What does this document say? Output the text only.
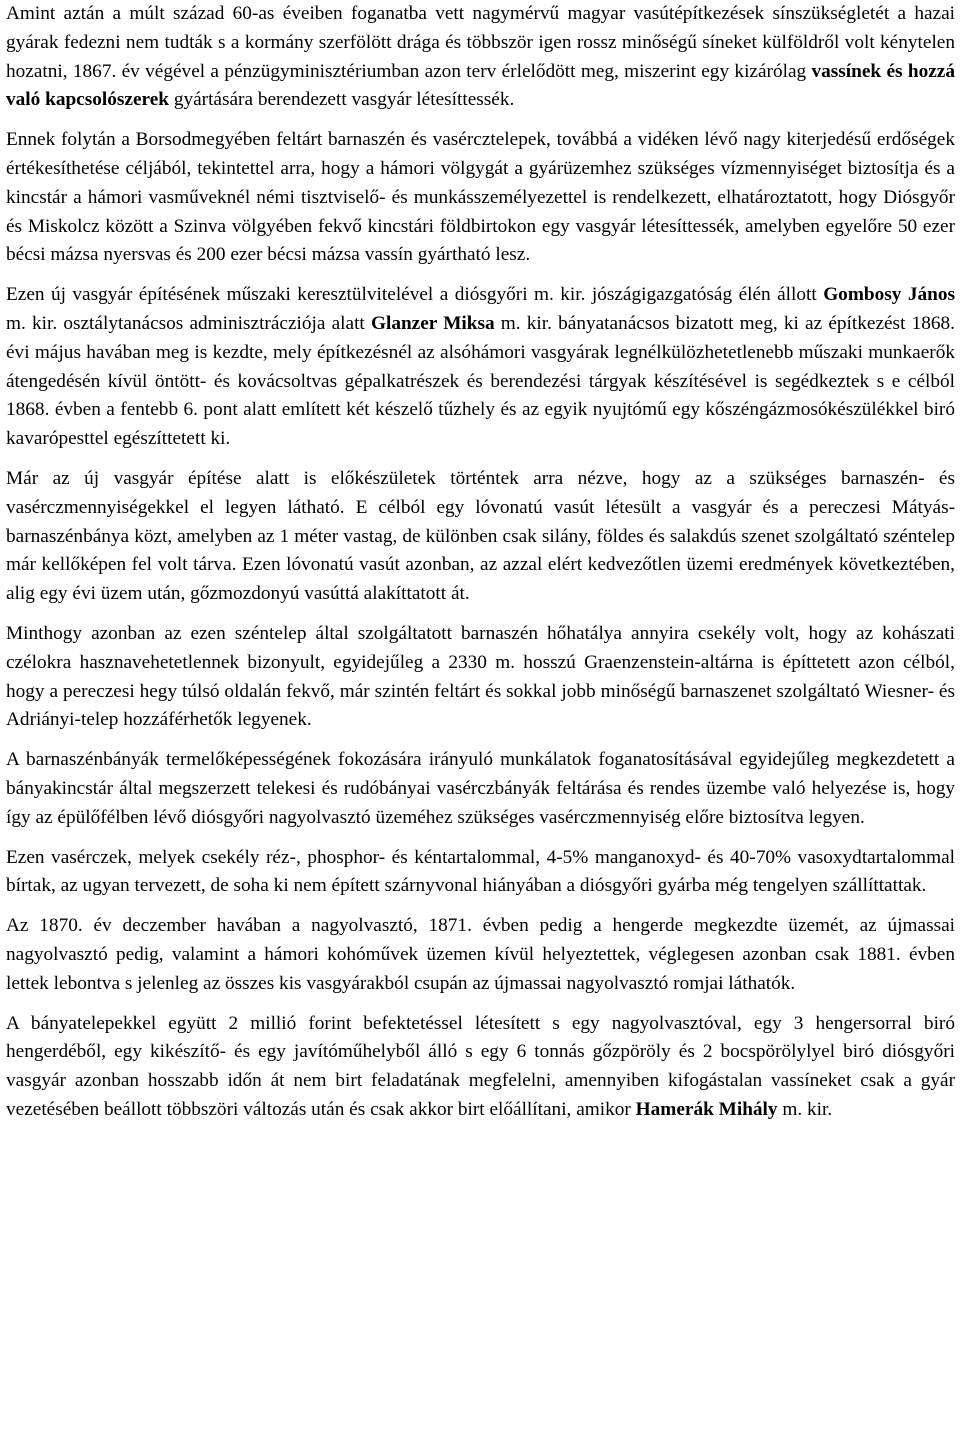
Amint aztán a múlt század 60-as éveiben foganatba vett nagymérvű magyar vasútépítkezések sínszükségletét a hazai gyárak fedezni nem tudták s a kormány szerfölött drága és többször igen rossz minőségű síneket külföldről volt kénytelen hozatni, 1867. év végével a pénzügyminisztériumban azon terv érlelődött meg, miszerint egy kizárólag vassínek és hozzá való kapcsolószerek gyártására berendezett vasgyár létesíttessék.

Ennek folytán a Borsodmegyében feltárt barnaszén és vasércztelepek, továbbá a vidéken lévő nagy kiterjedésű erdőségek értékesíthetése céljából, tekintettel arra, hogy a hámori völgygát a gyárüzemhez szükséges vízmennyiséget biztosítja és a kincstár a hámori vasműveknél némi tisztviselő- és munkásszemélyezettel is rendelkezett, elhatároztatott, hogy Diósgyőr és Miskolcz között a Szinva völgyében fekvő kincstári földbirtokon egy vasgyár létesíttessék, amelyben egyelőre 50 ezer bécsi mázsa nyersvas és 200 ezer bécsi mázsa vassín gyártható lesz.

Ezen új vasgyár építésének műszaki keresztülvitelével a diósgyőri m. kir. jószágigazgatóság élén állott Gombosy János m. kir. osztálytanácsos adminisztrácziója alatt Glanzer Miksa m. kir. bányatanácsos bizatott meg, ki az építkezést 1868. évi május havában meg is kezdte, mely építkezésnél az alsóhámori vasgyárak legnélkülözhetetlenebb műszaki munkaerők átengedésén kívül öntött- és kovácsoltvas gépalkatrészek és berendezési tárgyak készítésével is segédkeztek s e célból 1868. évben a fentebb 6. pont alatt említett két készelő tűzhely és az egyik nyujtómű egy kőszéngázmosókészülékkel biró kavarópesttel egészíttetett ki.

Már az új vasgyár építése alatt is előkészületek történtek arra nézve, hogy az a szükséges barnaszén- és vasérczmennyiségekkel el legyen látható. E célból egy lóvonatú vasút létesült a vasgyár és a pereczesi Mátyás-barnaszénbánya közt, amelyben az 1 méter vastag, de különben csak silány, földes és salakdús szenet szolgáltató széntelep már kellőképen fel volt tárva. Ezen lóvonatú vasút azonban, az azzal elért kedvezőtlen üzemi eredmények következtében, alig egy évi üzem után, gőzmozdonyú vasúttá alakíttatott át.

Minthogy azonban az ezen széntelep által szolgáltatott barnaszén hőhatálya annyira csekély volt, hogy az kohászati czélokra hasznavehetetlennek bizonyult, egyidejűleg a 2330 m. hosszú Graenzenstein-altárna is építtetett azon célból, hogy a pereczesi hegy túlsó oldalán fekvő, már szintén feltárt és sokkal jobb minőségű barnaszenet szolgáltató Wiesner- és Adriányi-telep hozzáférhetők legyenek.

A barnaszénbányák termelőképességének fokozására irányuló munkálatok foganatosításával egyidejűleg megkezdetett a bányakincstár által megszerzett telekesi és rudóbányai vasérczbányák feltárása és rendes üzembe való helyezése is, hogy így az épülőfélben lévő diósgyőri nagyolvasztó üzeméhez szükséges vasérczmennyiség előre biztosítva legyen.

Ezen vasérczek, melyek csekély réz-, phosphor- és kéntartalommal, 4-5% manganoxyd- és 40-70% vasoxydtartalommal bírtak, az ugyan tervezett, de soha ki nem épített szárnyvonal hiányában a diósgyőri gyárba még tengelyen szállíttattak.

Az 1870. év deczember havában a nagyolvasztó, 1871. évben pedig a hengerde megkezdte üzemét, az újmassai nagyolvasztó pedig, valamint a hámori kohóművek üzemen kívül helyeztettek, véglegesen azonban csak 1881. évben lettek lebontva s jelenleg az összes kis vasgyárakból csupán az újmassai nagyolvasztó romjai láthatók.

A bányatelepekkel együtt 2 millió forint befektetéssel létesített s egy nagyolvasztóval, egy 3 hengersorral biró hengerdéből, egy kikészítő- és egy javítóműhelyből álló s egy 6 tonnás gőzpöröly és 2 bocspörölylyel biró diósgyőri vasgyár azonban hosszabb időn át nem birt feladatának megfelelni, amennyiben kifogástalan vassíneket csak a gyár vezetésében beállott többszöri változás után és csak akkor birt előállítani, amikor Hamerák Mihály m. kir.
